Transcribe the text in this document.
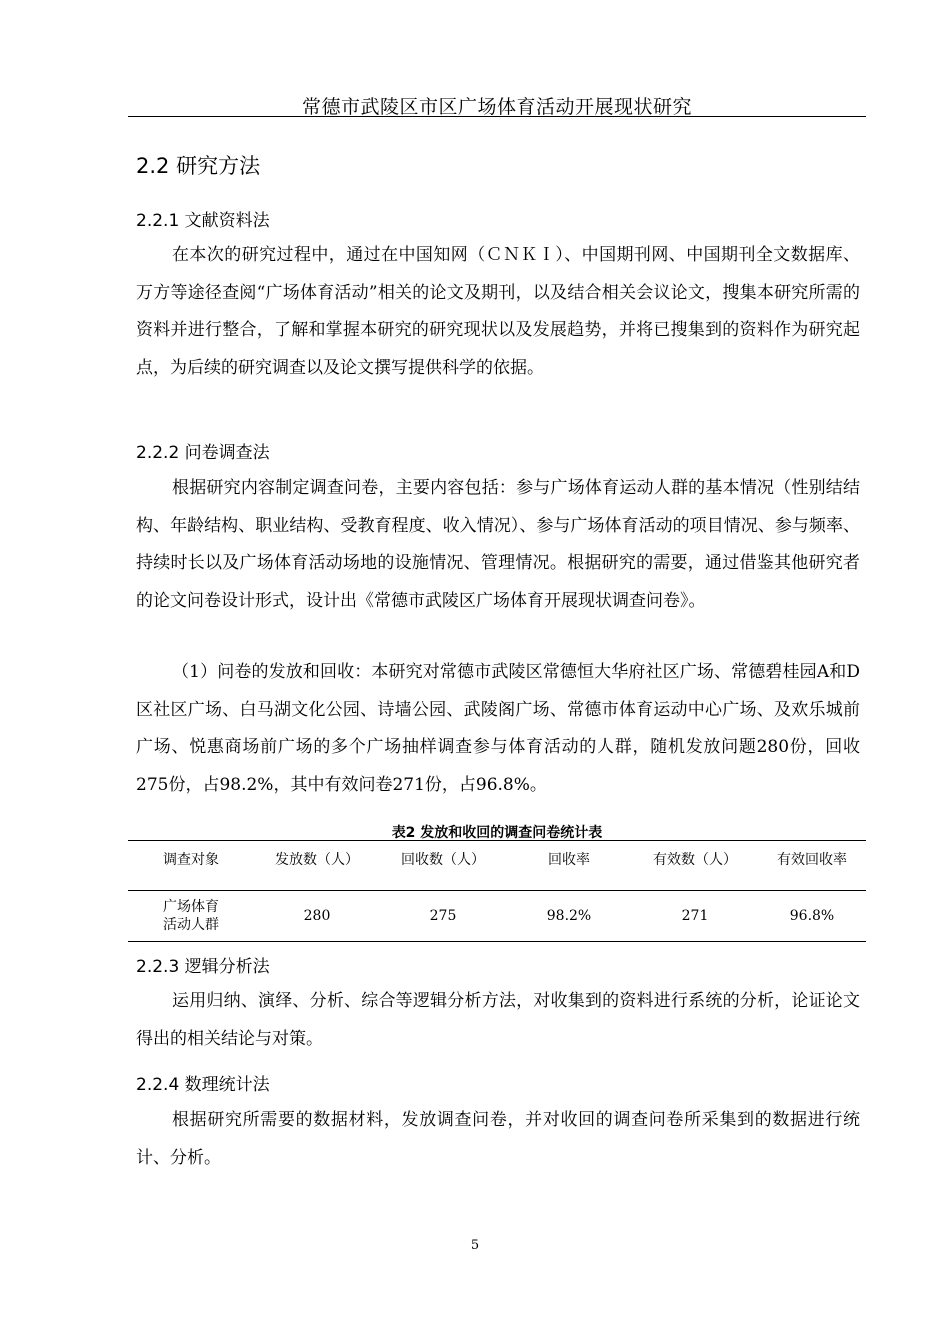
常德市武陵区市区广场体育活动开展现状研究
2.2 研究方法
2.2.1 文献资料法
在本次的研究过程中，通过在中国知网（ＣＮＫＩ）、中国期刊网、中国期刊全文数据库、万方等途径查阅“广场体育活动”相关的论文及期刊，以及结合相关会议论文，搜集本研究所需的资料并进行整合，了解和掌握本研究的研究现状以及发展趋势，并将已搜集到的资料作为研究起点，为后续的研究调查以及论文撰写提供科学的依据。
2.2.2 问卷调查法
根据研究内容制定调查问卷，主要内容包括：参与广场体育运动人群的基本情况（性别结结构、年龄结构、职业结构、受教育程度、收入情况）、参与广场体育活动的项目情况、参与频率、持续时长以及广场体育活动场地的设施情况、管理情况。根据研究的需要，通过借鉴其他研究者的论文问卷设计形式，设计出《常德市武陵区广场体育开展现状调查问卷》。
（1）问卷的发放和回收：本研究对常德市武陵区常德恒大华府社区广场、常德碧桂园A和D区社区广场、白马湖文化公园、诗墙公园、武陵阁广场、常德市体育运动中心广场、及欢乐城前广场、悦惠商场前广场的多个广场抽样调查参与体育活动的人群，随机发放问题280份，回收275份，占98.2%，其中有效问卷271份，占96.8%。
表2 发放和收回的调查问卷统计表
调查对象	发放数（人）	回收数（人）	回收率	有效数（人）	有效回收率
广场体育
活动人群	280	275	98.2%	271	96.8%
2.2.3 逻辑分析法
运用归纳、演绎、分析、综合等逻辑分析方法，对收集到的资料进行系统的分析，论证论文得出的相关结论与对策。
2.2.4 数理统计法
根据研究所需要的数据材料，发放调查问卷，并对收回的调查问卷所采集到的数据进行统计、分析。
5
